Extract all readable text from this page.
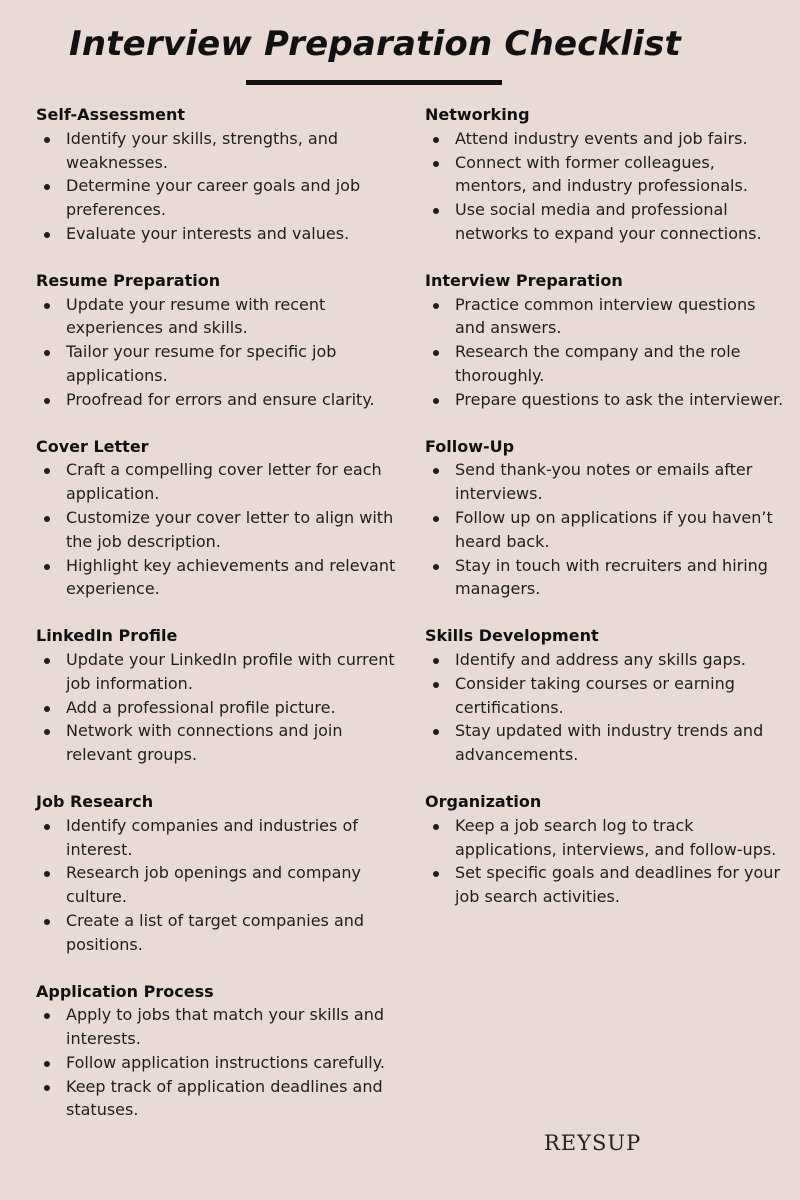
Interview Preparation Checklist
Self-Assessment
Identify your skills, strengths, and weaknesses.
Determine your career goals and job preferences.
Evaluate your interests and values.
Resume Preparation
Update your resume with recent experiences and skills.
Tailor your resume for specific job applications.
Proofread for errors and ensure clarity.
Cover Letter
Craft a compelling cover letter for each application.
Customize your cover letter to align with the job description.
Highlight key achievements and relevant experience.
LinkedIn Profile
Update your LinkedIn profile with current job information.
Add a professional profile picture.
Network with connections and join relevant groups.
Job Research
Identify companies and industries of interest.
Research job openings and company culture.
Create a list of target companies and positions.
Application Process
Apply to jobs that match your skills and interests.
Follow application instructions carefully.
Keep track of application deadlines and statuses.
Networking
Attend industry events and job fairs.
Connect with former colleagues, mentors, and industry professionals.
Use social media and professional networks to expand your connections.
Interview Preparation
Practice common interview questions and answers.
Research the company and the role thoroughly.
Prepare questions to ask the interviewer.
Follow-Up
Send thank-you notes or emails after interviews.
Follow up on applications if you haven’t heard back.
Stay in touch with recruiters and hiring managers.
Skills Development
Identify and address any skills gaps.
Consider taking courses or earning certifications.
Stay updated with industry trends and advancements.
Organization
Keep a job search log to track applications, interviews, and follow-ups.
Set specific goals and deadlines for your job search activities.
REYSUP
